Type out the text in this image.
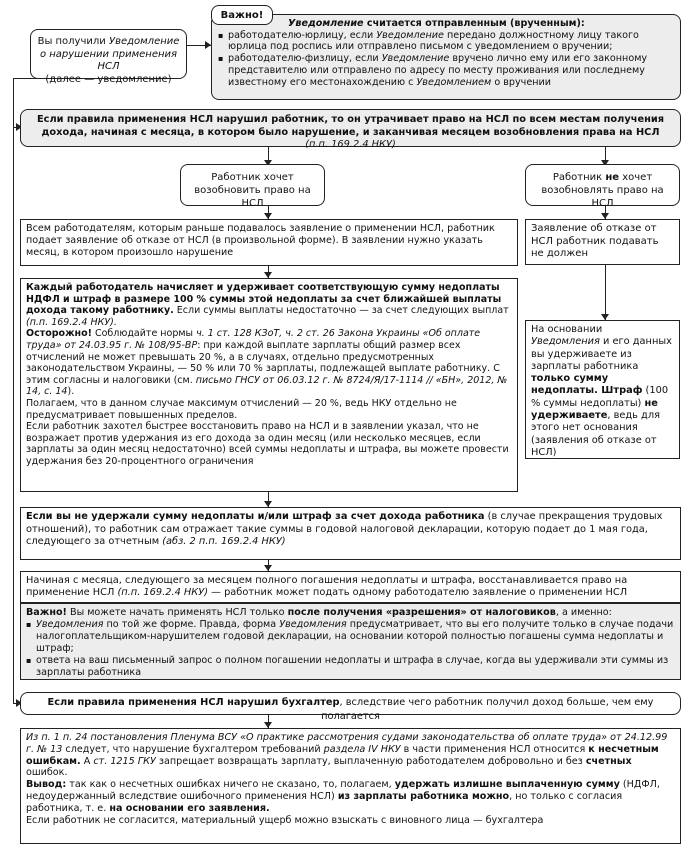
Вы получили Уведомление
о нарушении применения НСЛ
(далее — уведомление)

Уведомление считается отправленным (врученным):

▪ работодателю-юрлицу, если Уведомление передано должностному лицу такого юрлица под роспись или отправлено письмом с уведомлением о вручении;

▪ работодателю-физлицу, если Уведомление вручено лично ему или его законному представителю или отправлено по адресу по месту проживания или последнему известному его местонахождению с Уведомлением о вручении

Важно!
Если правила применения НСЛ нарушил работник, то он утрачивает право на НСЛ по всем местам получения дохода, начиная с месяца, в котором было нарушение, и заканчивая месяцем возобновления права на НСЛ (п.п. 169.2.4 НКУ)
Работник хочет возобновить право на НСЛ
Работник не хочет возобновлять право на НСЛ
Всем работодателям, которым раньше подавалось заявление о применении НСЛ, работник подает заявление об отказе от НСЛ (в произвольной форме). В заявлении нужно указать месяц, в котором произошло нарушение
Заявление об отказе от НСЛ работник подавать не должен

Каждый работодатель начисляет и удерживает соответствующую сумму недоплаты НДФЛ и штраф в размере 100 % суммы этой недоплаты за счет ближайшей выплаты дохода такому работнику. Если суммы выплаты недостаточно — за счет следующих выплат (п.п. 169.2.4 НКУ).

Осторожно! Соблюдайте нормы ч. 1 ст. 128 КЗоТ, ч. 2 ст. 26 Закона Украины «Об оплате труда» от 24.03.95 г. № 108/95-ВР: при каждой выплате зарплаты общий размер всех отчислений не может превышать 20 %, а в случаях, отдельно предусмотренных законодательством Украины, — 50 % или 70 % зарплаты, подлежащей выплате работнику. С этим согласны и налоговики (см. письмо ГНСУ от 06.03.12 г. № 8724/Я/17-1114 // «БН», 2012, № 14, с. 14).

Полагаем, что в данном случае максимум отчислений — 20 %, ведь НКУ отдельно не предусматривает повышенных пределов.

Если работник захотел быстрее восстановить право на НСЛ и в заявлении указал, что не возражает против удержания из его дохода за один месяц (или несколько месяцев, если зарплаты за один месяц недостаточно) всей суммы недоплаты и штрафа, вы можете провести удержания без 20-процентного ограничения

На основании Уведомления и его данных вы удерживаете из зарплаты работника только сумму недоплаты. Штраф (100 % суммы недоплаты) не удерживаете, ведь для этого нет основания (заявления об отказе от НСЛ)
Если вы не удержали сумму недоплаты и/или штраф за счет дохода работника (в случае прекращения трудовых отношений), то работник сам отражает такие суммы в годовой налоговой декларации, которую подает до 1 мая года, следующего за отчетным (абз. 2 п.п. 169.2.4 НКУ)
Начиная с месяца, следующего за месяцем полного погашения недоплаты и штрафа, восстанавливается право на применение НСЛ (п.п. 169.2.4 НКУ) — работник может подать одному работодателю заявление о применении НСЛ

Важно! Вы можете начать применять НСЛ только после получения «разрешения» от налоговиков, а именно:

▪ Уведомления по той же форме. Правда, форма Уведомления предусматривает, что вы его получите только в случае подачи налогоплательщиком-нарушителем годовой декларации, на основании которой полностью погашены сумма недоплаты и штраф;

▪ ответа на ваш письменный запрос о полном погашении недоплаты и штрафа в случае, когда вы удерживали эти суммы из зарплаты работника

Если правила применения НСЛ нарушил бухгалтер, вследствие чего работник получил доход больше, чем ему полагается

Из п. 1 п. 24 постановления Пленума ВСУ «О практике рассмотрения судами законодательства об оплате труда» от 24.12.99 г. № 13 следует, что нарушение бухгалтером требований раздела IV НКУ в части применения НСЛ относится к несчетным ошибкам. А ст. 1215 ГКУ запрещает возвращать зарплату, выплаченную работодателем добровольно и без счетных ошибок.

Вывод: так как о несчетных ошибках ничего не сказано, то, полагаем, удержать излишне выплаченную сумму (НДФЛ, недоудержанный вследствие ошибочного применения НСЛ) из зарплаты работника можно, но только с согласия работника, т. е. на основании его заявления.

Если работник не согласится, материальный ущерб можно взыскать с виновного лица — бухгалтера
